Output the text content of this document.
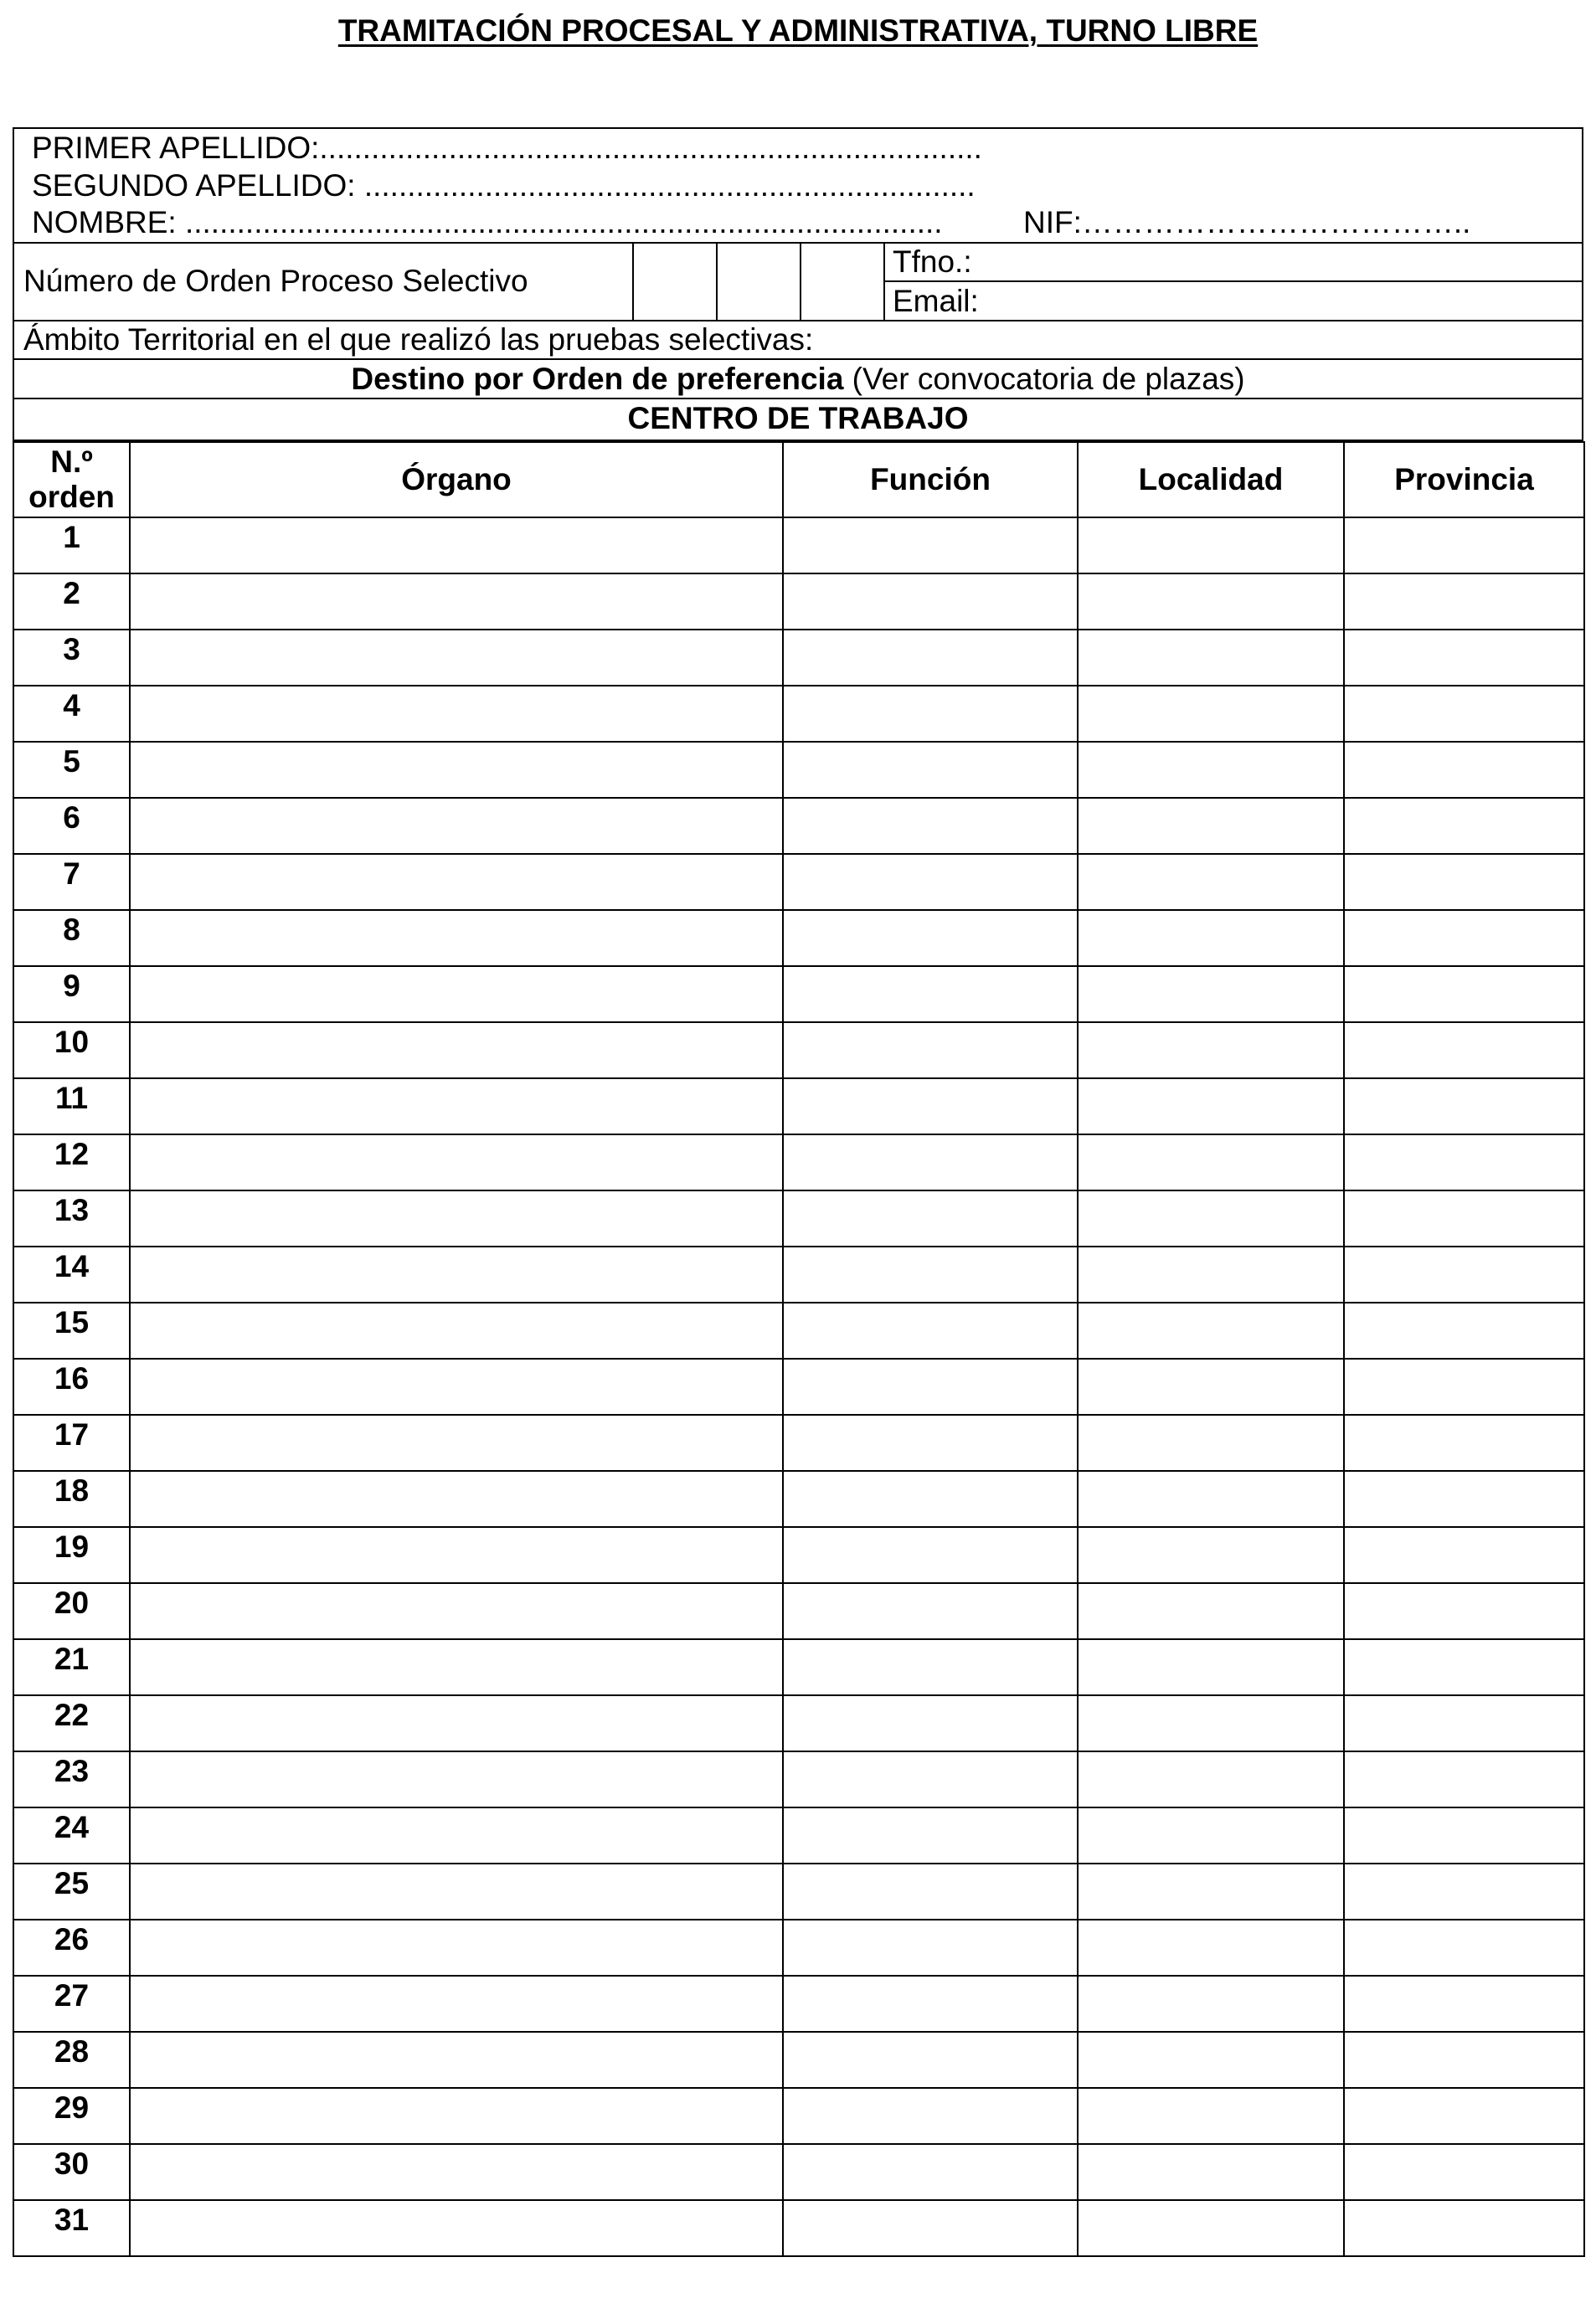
TRAMITACIÓN PROCESAL Y ADMINISTRATIVA, TURNO LIBRE
PRIMER APELLIDO:.............................................................................
SEGUNDO APELLIDO: .......................................................................
NOMBRE: ........................................................................................	NIF:………………………………..
Número de Orden Proceso Selectivo
Tfno.:
Email:
Ámbito Territorial en el que realizó las pruebas selectivas:
Destino por Orden de preferencia (Ver convocatoria de plazas)
CENTRO DE TRABAJO
N.º
orden	Órgano	Función	Localidad	Provincia
1				
2				
3				
4				
5				
6				
7				
8				
9				
10				
11				
12				
13				
14				
15				
16				
17				
18				
19				
20				
21				
22				
23				
24				
25				
26				
27				
28				
29				
30				
31				
